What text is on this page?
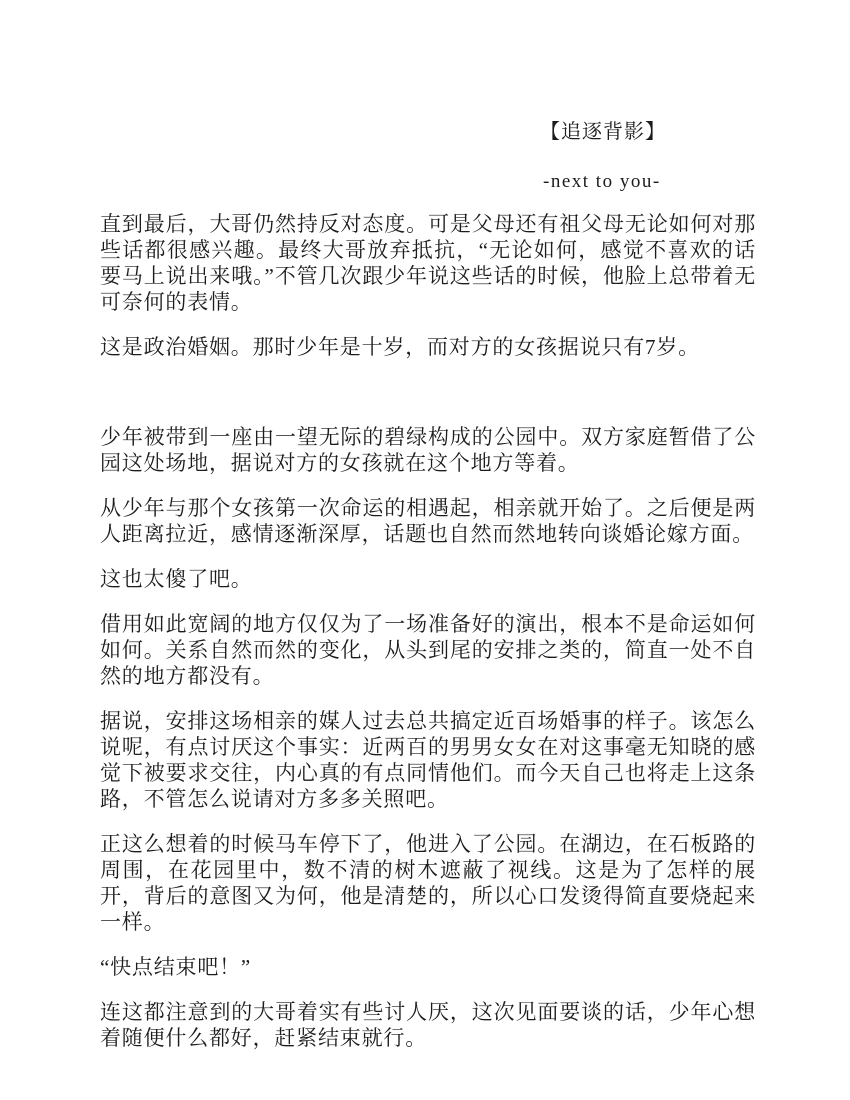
【追逐背影】
-next to you-

直到最后，大哥仍然持反对态度。可是父母还有祖父母无论如何对那些话都很感兴趣。最终大哥放弃抵抗，“无论如何，感觉不喜欢的话要马上说出来哦。”不管几次跟少年说这些话的时候，他脸上总带着无可奈何的表情。

这是政治婚姻。那时少年是十岁，而对方的女孩据说只有7岁。

少年被带到一座由一望无际的碧绿构成的公园中。双方家庭暂借了公园这处场地，据说对方的女孩就在这个地方等着。

从少年与那个女孩第一次命运的相遇起，相亲就开始了。之后便是两人距离拉近，感情逐渐深厚，话题也自然而然地转向谈婚论嫁方面。

这也太傻了吧。

借用如此宽阔的地方仅仅为了一场准备好的演出，根本不是命运如何如何。关系自然而然的变化，从头到尾的安排之类的，简直一处不自然的地方都没有。

据说，安排这场相亲的媒人过去总共搞定近百场婚事的样子。该怎么说呢，有点讨厌这个事实：近两百的男男女女在对这事毫无知晓的感觉下被要求交往，内心真的有点同情他们。而今天自己也将走上这条路，不管怎么说请对方多多关照吧。

正这么想着的时候马车停下了，他进入了公园。在湖边，在石板路的周围，在花园里中，数不清的树木遮蔽了视线。这是为了怎样的展开，背后的意图又为何，他是清楚的，所以心口发烫得简直要烧起来一样。

“快点结束吧！”

连这都注意到的大哥着实有些讨人厌，这次见面要谈的话，少年心想着随便什么都好，赶紧结束就行。
